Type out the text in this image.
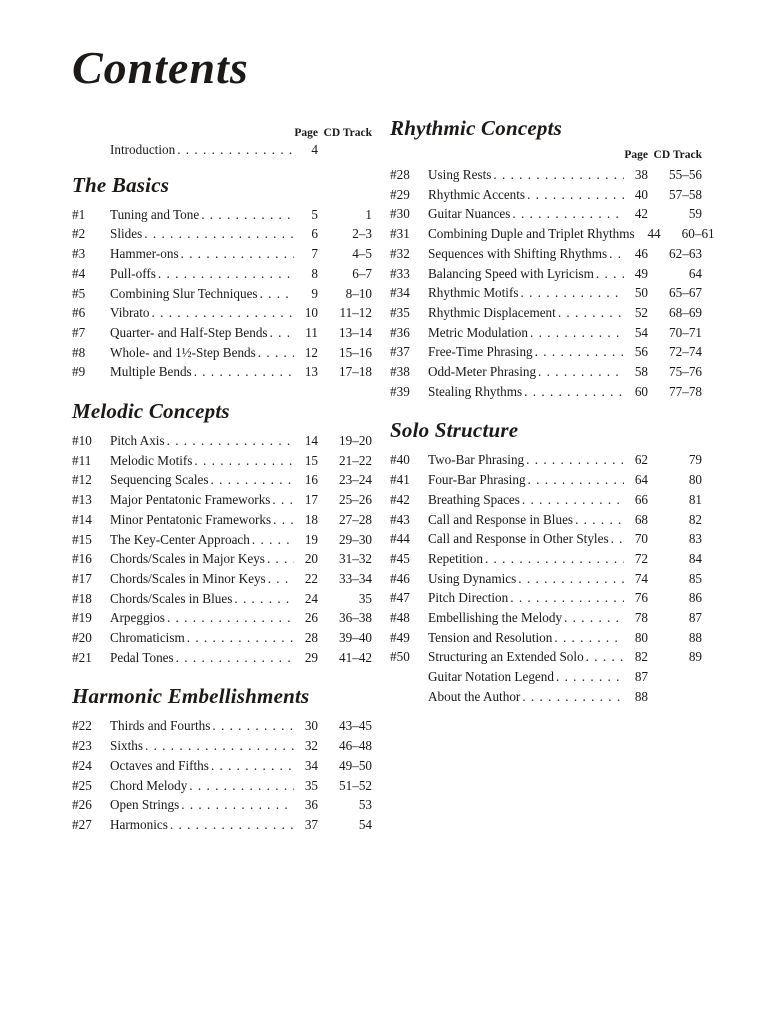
Contents
Page CD Track
Introduction . . .	4
The Basics
#1	Tuning and Tone . . .	5	1
#2	Slides . . .	6	2–3
#3	Hammer-ons . . .	7	4–5
#4	Pull-offs . . .	8	6–7
#5	Combining Slur Techniques . . .	9	8–10
#6	Vibrato . . .	10	11–12
#7	Quarter- and Half-Step Bends . . .	11	13–14
#8	Whole- and 1½-Step Bends . . .	12	15–16
#9	Multiple Bends . . .	13	17–18
Melodic Concepts
#10	Pitch Axis . . .	14	19–20
#11	Melodic Motifs . . .	15	21–22
#12	Sequencing Scales . . .	16	23–24
#13	Major Pentatonic Frameworks . . .	17	25–26
#14	Minor Pentatonic Frameworks . . .	18	27–28
#15	The Key-Center Approach . . .	19	29–30
#16	Chords/Scales in Major Keys . . .	20	31–32
#17	Chords/Scales in Minor Keys . . .	22	33–34
#18	Chords/Scales in Blues . . .	24	35
#19	Arpeggios . . .	26	36–38
#20	Chromaticism . . .	28	39–40
#21	Pedal Tones . . .	29	41–42
Harmonic Embellishments
#22	Thirds and Fourths . . .	30	43–45
#23	Sixths . . .	32	46–48
#24	Octaves and Fifths . . .	34	49–50
#25	Chord Melody . . .	35	51–52
#26	Open Strings . . .	36	53
#27	Harmonics . . .	37	54
Rhythmic Concepts
Page CD Track
#28	Using Rests . . .	38	55–56
#29	Rhythmic Accents . . .	40	57–58
#30	Guitar Nuances . . .	42	59
#31	Combining Duple and Triplet Rhythms 44	60–61
#32	Sequences with Shifting Rhythms . . .	46	62–63
#33	Balancing Speed with Lyricism . . .	49	64
#34	Rhythmic Motifs . . .	50	65–67
#35	Rhythmic Displacement . . .	52	68–69
#36	Metric Modulation . . .	54	70–71
#37	Free-Time Phrasing . . .	56	72–74
#38	Odd-Meter Phrasing . . .	58	75–76
#39	Stealing Rhythms . . .	60	77–78
Solo Structure
#40	Two-Bar Phrasing . . .	62	79
#41	Four-Bar Phrasing . . .	64	80
#42	Breathing Spaces . . .	66	81
#43	Call and Response in Blues . . .	68	82
#44	Call and Response in Other Styles . . .	70	83
#45	Repetition . . .	72	84
#46	Using Dynamics . . .	74	85
#47	Pitch Direction . . .	76	86
#48	Embellishing the Melody . . .	78	87
#49	Tension and Resolution . . .	80	88
#50	Structuring an Extended Solo . . .	82	89
Guitar Notation Legend . . .	87
About the Author . . .	88
